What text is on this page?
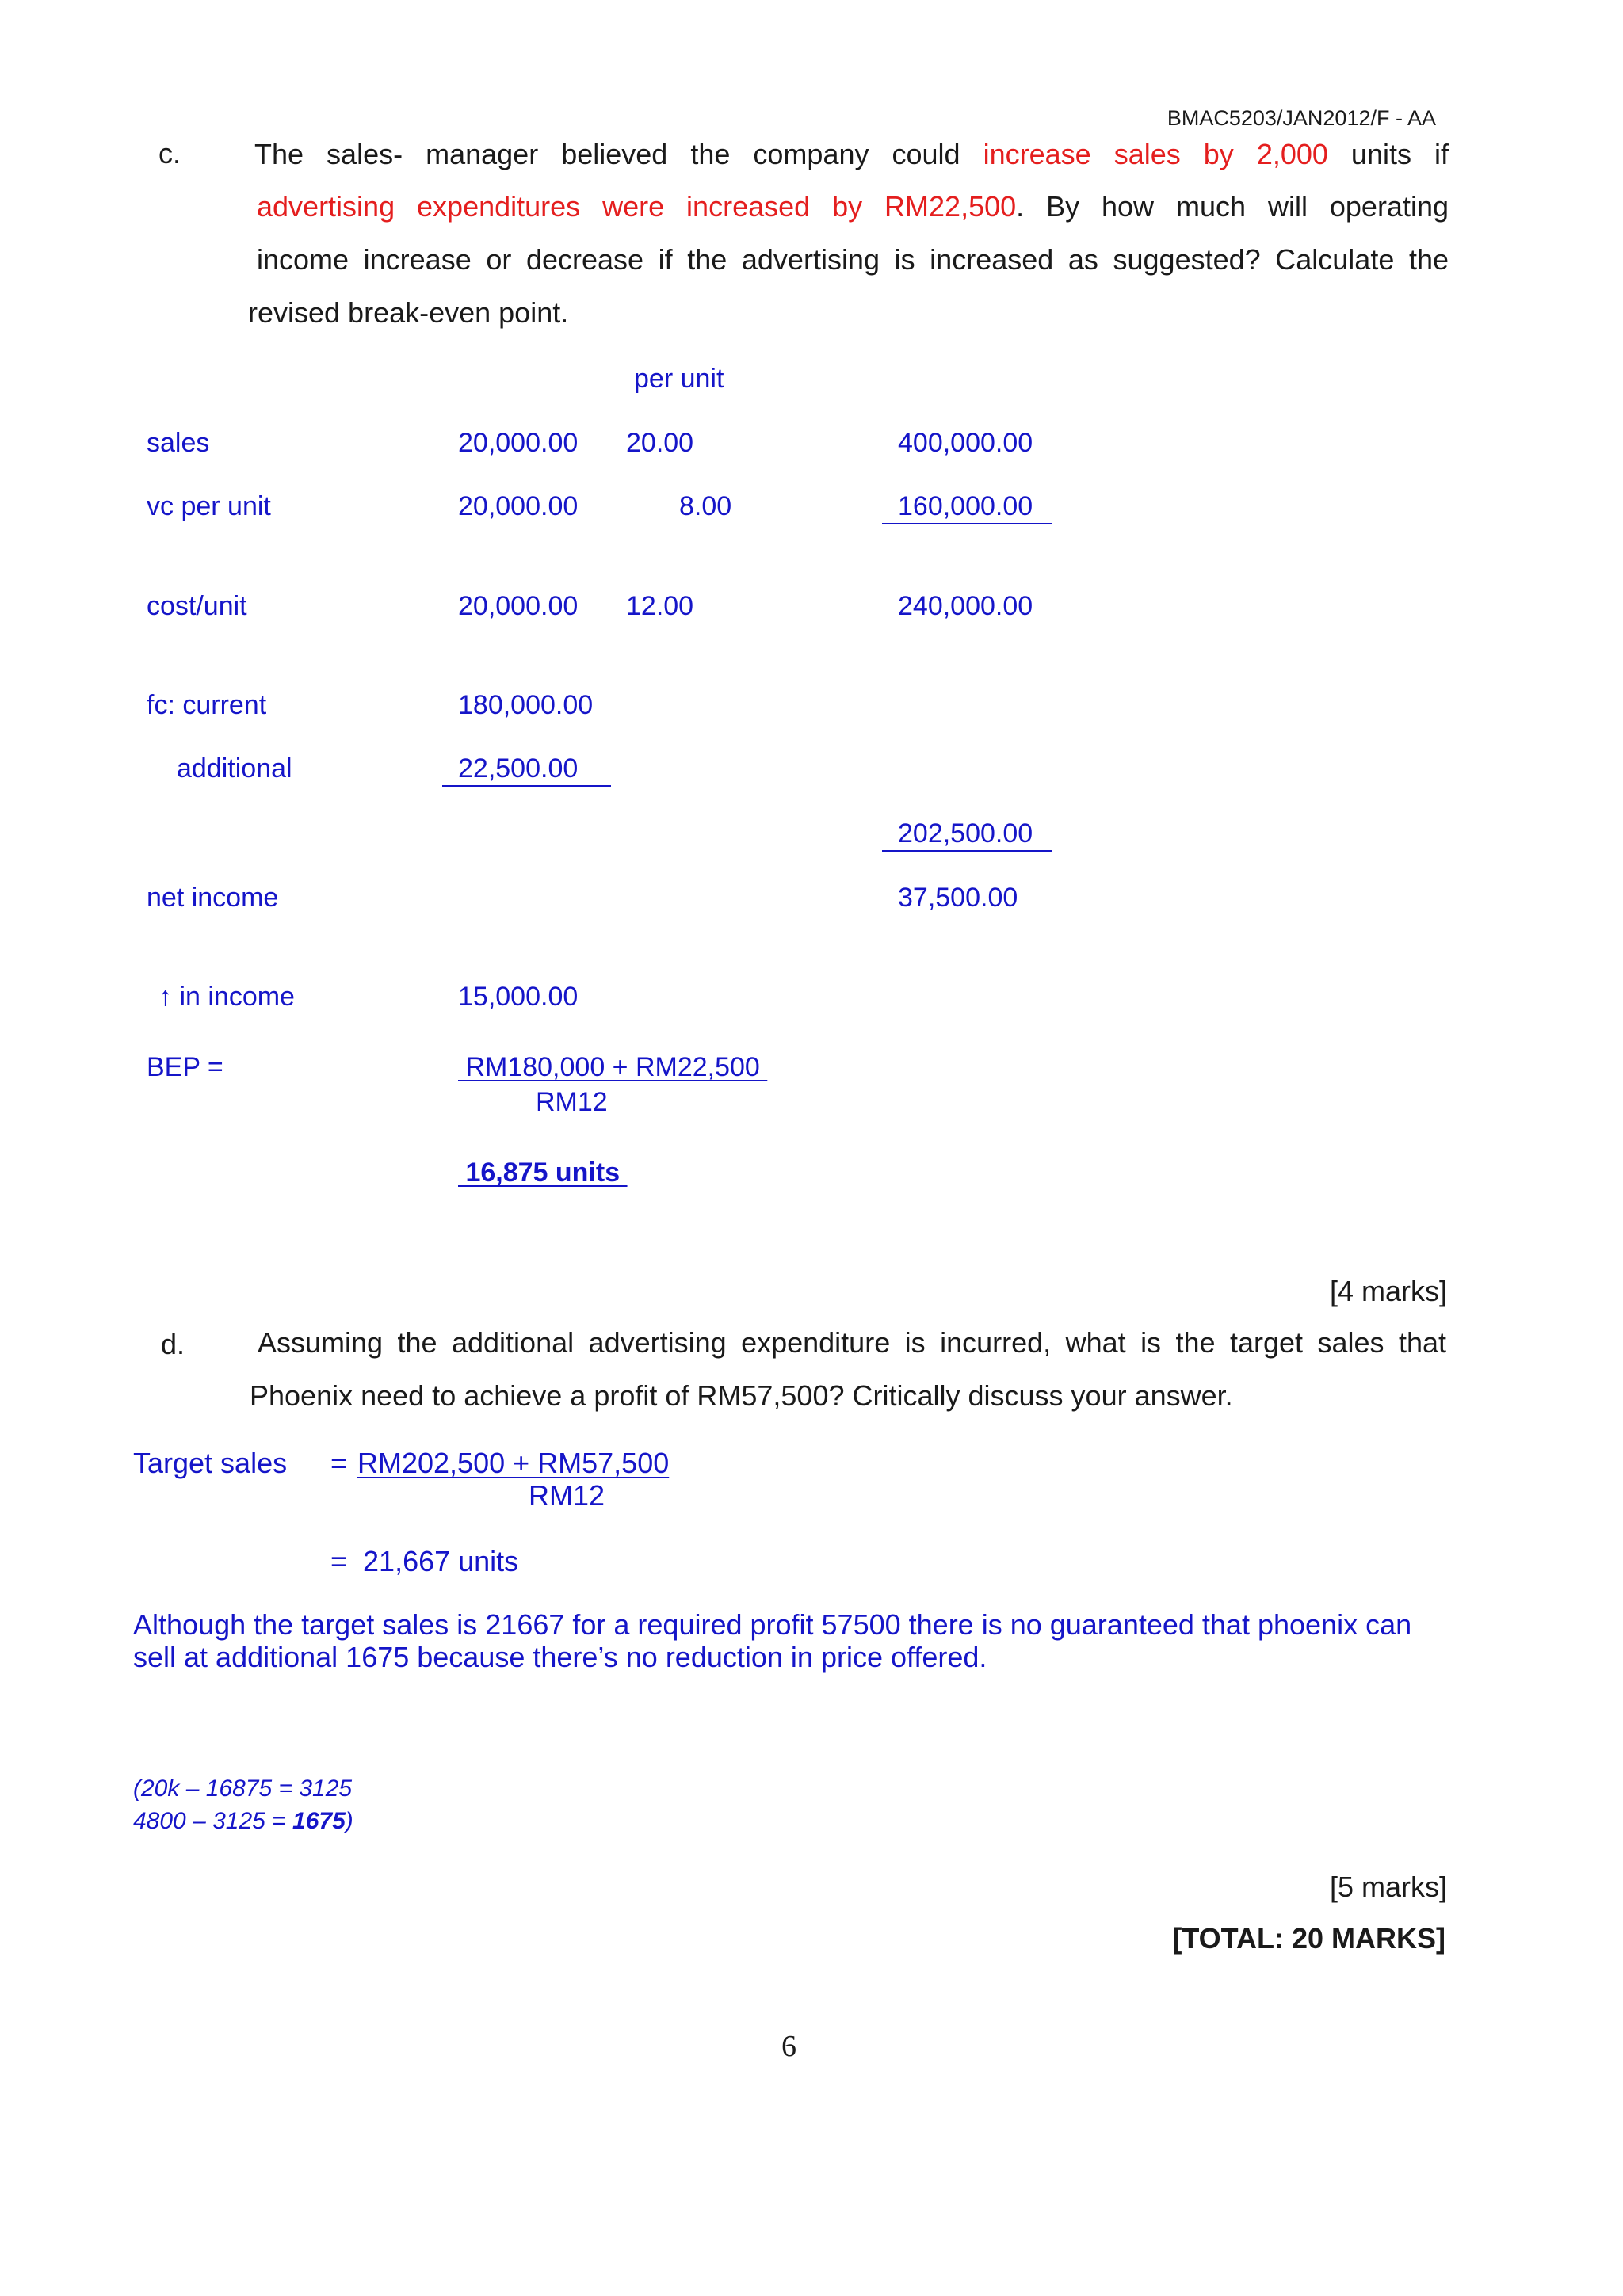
BMAC5203/JAN2012/F - AA
c.	The sales- manager believed the company could increase sales by 2,000 units if
advertising expenditures were increased by RM22,500. By how much will operating
income increase or decrease if the advertising is increased as suggested? Calculate the
revised break-even point.
per unit
sales	20,000.00 20.00	400,000.00
vc per unit	20,000.00	8.00	160,000.00
cost/unit	20,000.00 12.00	240,000.00
fc: current	180,000.00
additional	22,500.00
202,500.00
net income	37,500.00
↑ in income	15,000.00
BEP =	RM180,000 + RM22,500
RM12
16,875 units
[4 marks]
d.	Assuming the additional advertising expenditure is incurred, what is the target sales that
Phoenix need to achieve a profit of RM57,500? Critically discuss your answer.
Target sales = RM202,500 + RM57,500
RM12
=  21,667 units
Although the target sales is 21667 for a required profit 57500 there is no guaranteed that phoenix can
sell at additional 1675 because there’s no reduction in price offered.
(20k – 16875 = 3125
4800 – 3125 = 1675)
[5 marks]
[TOTAL: 20 MARKS]
6
